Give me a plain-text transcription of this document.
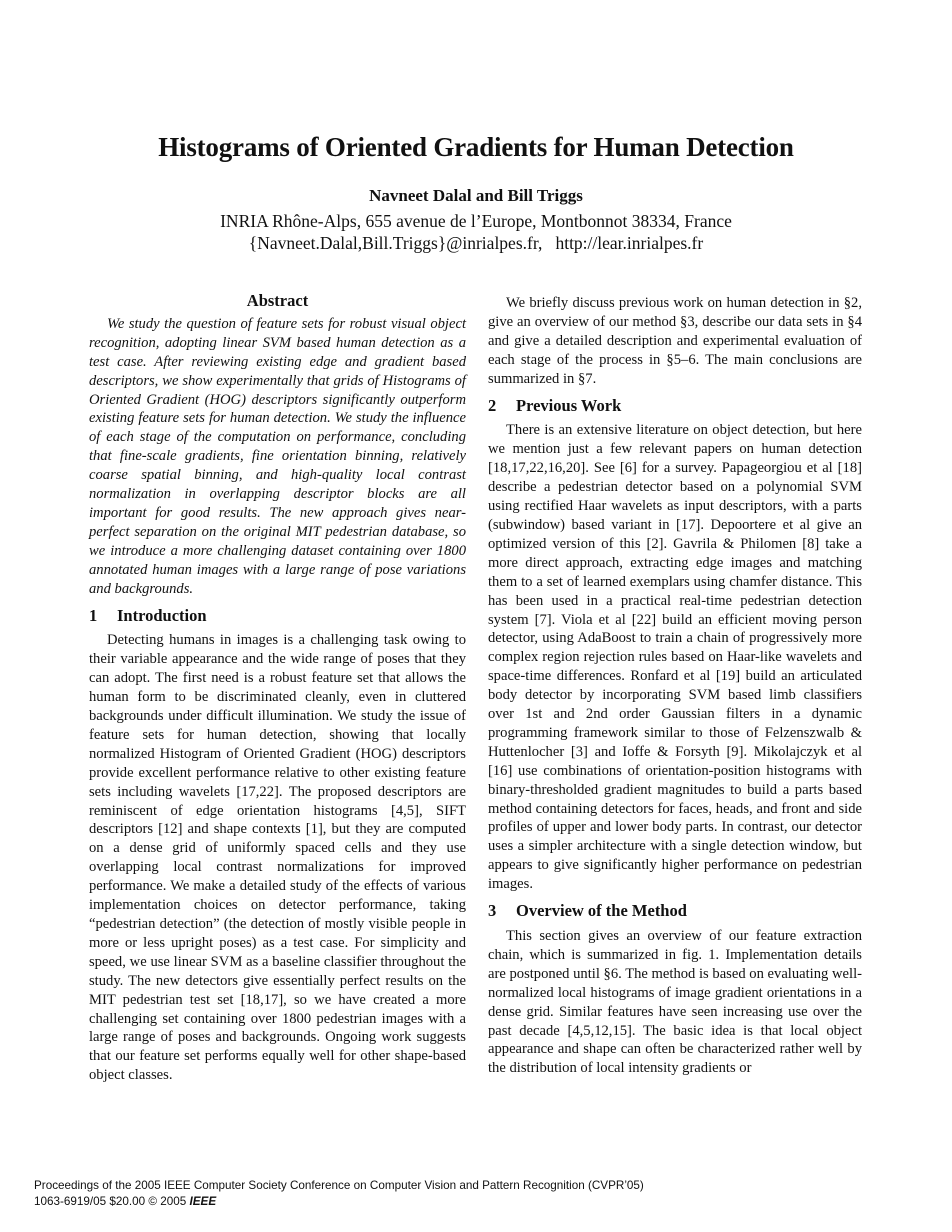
Histograms of Oriented Gradients for Human Detection
Navneet Dalal and Bill Triggs
INRIA Rhône-Alps, 655 avenue de l’Europe, Montbonnot 38334, France
{Navneet.Dalal,Bill.Triggs}@inrialpes.fr,   http://lear.inrialpes.fr
Abstract

We study the question of feature sets for robust visual object recognition, adopting linear SVM based human detection as a test case. After reviewing existing edge and gradient based descriptors, we show experimentally that grids of Histograms of Oriented Gradient (HOG) descriptors significantly outperform existing feature sets for human detection. We study the influence of each stage of the computation on performance, concluding that fine-scale gradients, fine orientation binning, relatively coarse spatial binning, and high-quality local contrast normalization in overlapping descriptor blocks are all important for good results. The new approach gives near-perfect separation on the original MIT pedestrian database, so we introduce a more challenging dataset containing over 1800 annotated human images with a large range of pose variations and backgrounds.

1 Introduction

Detecting humans in images is a challenging task owing to their variable appearance and the wide range of poses that they can adopt. The first need is a robust feature set that allows the human form to be discriminated cleanly, even in cluttered backgrounds under difficult illumination. We study the issue of feature sets for human detection, showing that locally normalized Histogram of Oriented Gradient (HOG) descriptors provide excellent performance relative to other existing feature sets including wavelets [17,22]. The proposed descriptors are reminiscent of edge orientation histograms [4,5], SIFT descriptors [12] and shape contexts [1], but they are computed on a dense grid of uniformly spaced cells and they use overlapping local contrast normalizations for improved performance. We make a detailed study of the effects of various implementation choices on detector performance, taking “pedestrian detection” (the detection of mostly visible people in more or less upright poses) as a test case. For simplicity and speed, we use linear SVM as a baseline classifier throughout the study. The new detectors give essentially perfect results on the MIT pedestrian test set [18,17], so we have created a more challenging set containing over 1800 pedestrian images with a large range of poses and backgrounds. Ongoing work suggests that our feature set performs equally well for other shape-based object classes.

We briefly discuss previous work on human detection in §2, give an overview of our method §3, describe our data sets in §4 and give a detailed description and experimental evaluation of each stage of the process in §5–6. The main conclusions are summarized in §7.

2 Previous Work

There is an extensive literature on object detection, but here we mention just a few relevant papers on human detection [18,17,22,16,20]. See [6] for a survey. Papageorgiou et al [18] describe a pedestrian detector based on a polynomial SVM using rectified Haar wavelets as input descriptors, with a parts (subwindow) based variant in [17]. Depoortere et al give an optimized version of this [2]. Gavrila & Philomen [8] take a more direct approach, extracting edge images and matching them to a set of learned exemplars using chamfer distance. This has been used in a practical real-time pedestrian detection system [7]. Viola et al [22] build an efficient moving person detector, using AdaBoost to train a chain of progressively more complex region rejection rules based on Haar-like wavelets and space-time differences. Ronfard et al [19] build an articulated body detector by incorporating SVM based limb classifiers over 1st and 2nd order Gaussian filters in a dynamic programming framework similar to those of Felzenszwalb & Huttenlocher [3] and Ioffe & Forsyth [9]. Mikolajczyk et al [16] use combinations of orientation-position histograms with binary-thresholded gradient magnitudes to build a parts based method containing detectors for faces, heads, and front and side profiles of upper and lower body parts. In contrast, our detector uses a simpler architecture with a single detection window, but appears to give significantly higher performance on pedestrian images.

3 Overview of the Method

This section gives an overview of our feature extraction chain, which is summarized in fig. 1. Implementation details are postponed until §6. The method is based on evaluating well-normalized local histograms of image gradient orientations in a dense grid. Similar features have seen increasing use over the past decade [4,5,12,15]. The basic idea is that local object appearance and shape can often be characterized rather well by the distribution of local intensity gradients or

Proceedings of the 2005 IEEE Computer Society Conference on Computer Vision and Pattern Recognition (CVPR’05)
1063-6919/05 $20.00 © 2005 IEEE
